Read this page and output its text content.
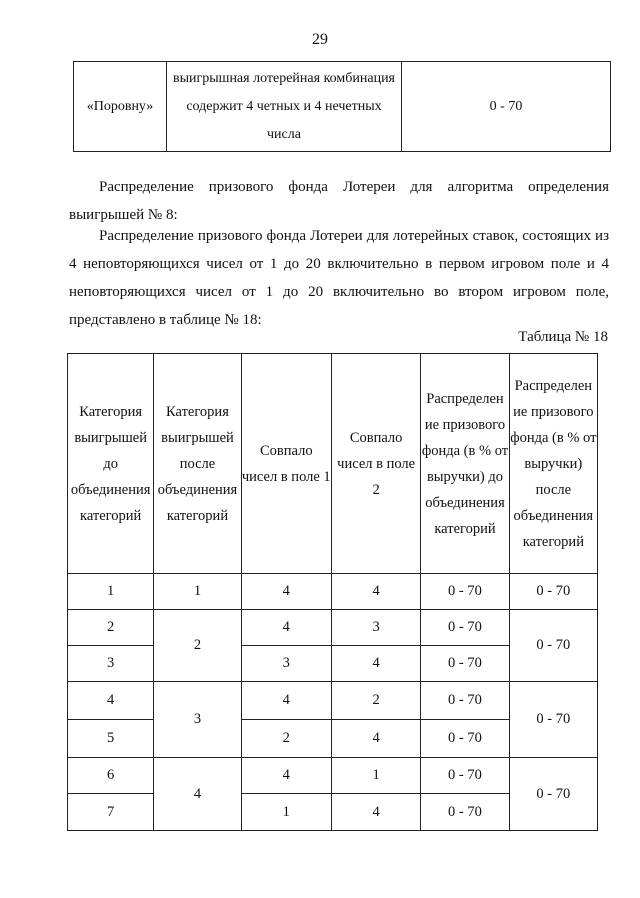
29
«Поровну»	выигрышная лотерейная комбинация содержит 4 четных и 4 нечетных числа	0 - 70
Распределение призового фонда Лотереи для алгоритма определения выигрышей № 8:
Распределение призового фонда Лотереи для лотерейных ставок, состоящих из 4 неповторяющихся чисел от 1 до 20 включительно в первом игровом поле и 4 неповторяющихся чисел от 1 до 20 включительно во втором игровом поле, представлено в таблице № 18:
Таблица № 18
Категория выигрышей до объединения категорий	Категория выигрышей после объединения категорий	Совпало чисел в поле 1	Совпало чисел в поле 2	Распределен ие призового фонда (в % от выручки) до объединения категорий	Распределен ие призового фонда (в % от выручки) после объединения категорий
1	1	4	4	0 - 70	0 - 70
2	2	4	3	0 - 70	0 - 70
3		3	4	0 - 70	
4	3	4	2	0 - 70	0 - 70
5		2	4	0 - 70	
6	4	4	1	0 - 70	0 - 70
7		1	4	0 - 70	
